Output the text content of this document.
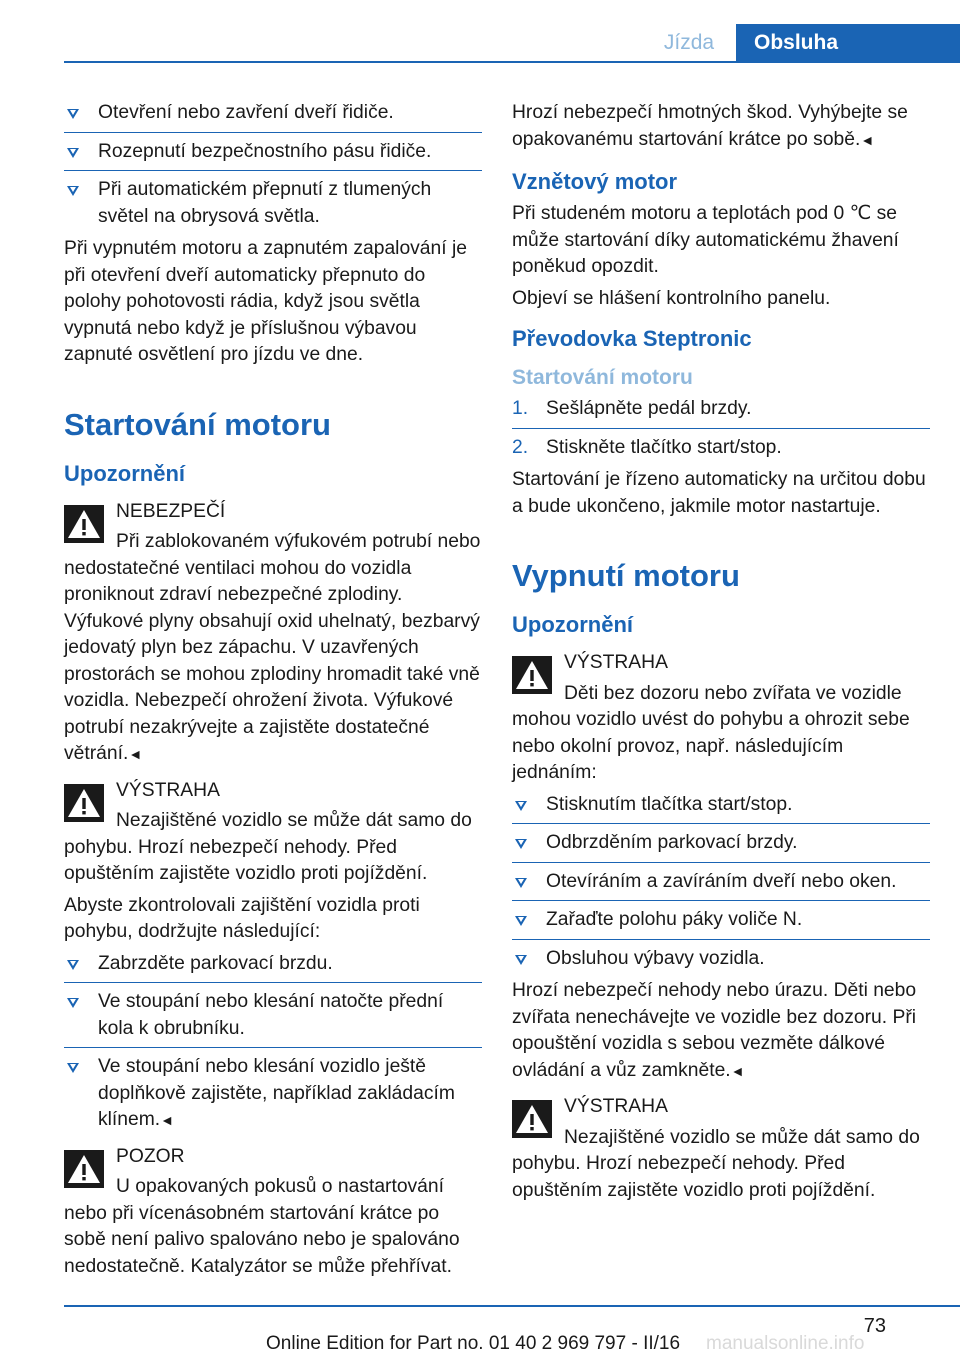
Jízda	Obsluha
Otevření nebo zavření dveří řidiče.
Rozepnutí bezpečnostního pásu řidiče.
Při automatickém přepnutí z tlumených světel na obrysová světla.

Při vypnutém motoru a zapnutém zapalování je při otevření dveří automaticky přepnuto do polohy pohotovosti rádia, když jsou světla vypnutá nebo když je příslušnou výbavou zapnuté osvětlení pro jízdu ve dne.

Startování motoru
Upozornění
NEBEZPEČÍ
Při zablokovaném výfukovém potrubí nebo nedostatečné ventilaci mohou do vozidla proniknout zdraví nebezpečné zplodiny. Výfukové plyny obsahují oxid uhelnatý, bezbarvý jedovatý plyn bez zápachu. V uzavřených prostorách se mohou zplodiny hromadit také vně vozidla. Nebezpečí ohrožení života. Výfukové potrubí nezakrývejte a zajistěte dostatečné větrání.◄
VÝSTRAHA
Nezajištěné vozidlo se může dát samo do pohybu. Hrozí nebezpečí nehody. Před opuštěním zajistěte vozidlo proti pojíždění.

Abyste zkontrolovali zajištění vozidla proti pohybu, dodržujte následující:

Zabrzděte parkovací brzdu.
Ve stoupání nebo klesání natočte přední kola k obrubníku.
Ve stoupání nebo klesání vozidlo ještě doplňkově zajistěte, například zakládacím klínem.◄
POZOR
U opakovaných pokusů o nastartování nebo při vícenásobném startování krátce po sobě není palivo spalováno nebo je spalováno nedostatečně. Katalyzátor se může přehřívat.

Hrozí nebezpečí hmotných škod. Vyhýbejte se opakovanému startování krátce po sobě.◄

Vznětový motor

Při studeném motoru a teplotách pod 0 ℃ se může startování díky automatickému žhavení poněkud opozdit.

Objeví se hlášení kontrolního panelu.

Převodovka Steptronic
Startování motoru
1. Sešlápněte pedál brzdy.
2. Stiskněte tlačítko start/stop.

Startování je řízeno automaticky na určitou dobu a bude ukončeno, jakmile motor nastartuje.

Vypnutí motoru
Upozornění
VÝSTRAHA
Děti bez dozoru nebo zvířata ve vozidle mohou vozidlo uvést do pohybu a ohrozit sebe nebo okolní provoz, např. následujícím jednáním:
Stisknutím tlačítka start/stop.
Odbrzděním parkovací brzdy.
Otevíráním a zavíráním dveří nebo oken.
Zařaďte polohu páky voliče N.
Obsluhou výbavy vozidla.

Hrozí nebezpečí nehody nebo úrazu. Děti nebo zvířata nenechávejte ve vozidle bez dozoru. Při opouštění vozidla s sebou vezměte dálkové ovládání a vůz zamkněte.◄

VÝSTRAHA
Nezajištěné vozidlo se může dát samo do pohybu. Hrozí nebezpečí nehody. Před opuštěním zajistěte vozidlo proti pojíždění.
73
Online Edition for Part no. 01 40 2 969 797 - II/16 manualsonline.info
